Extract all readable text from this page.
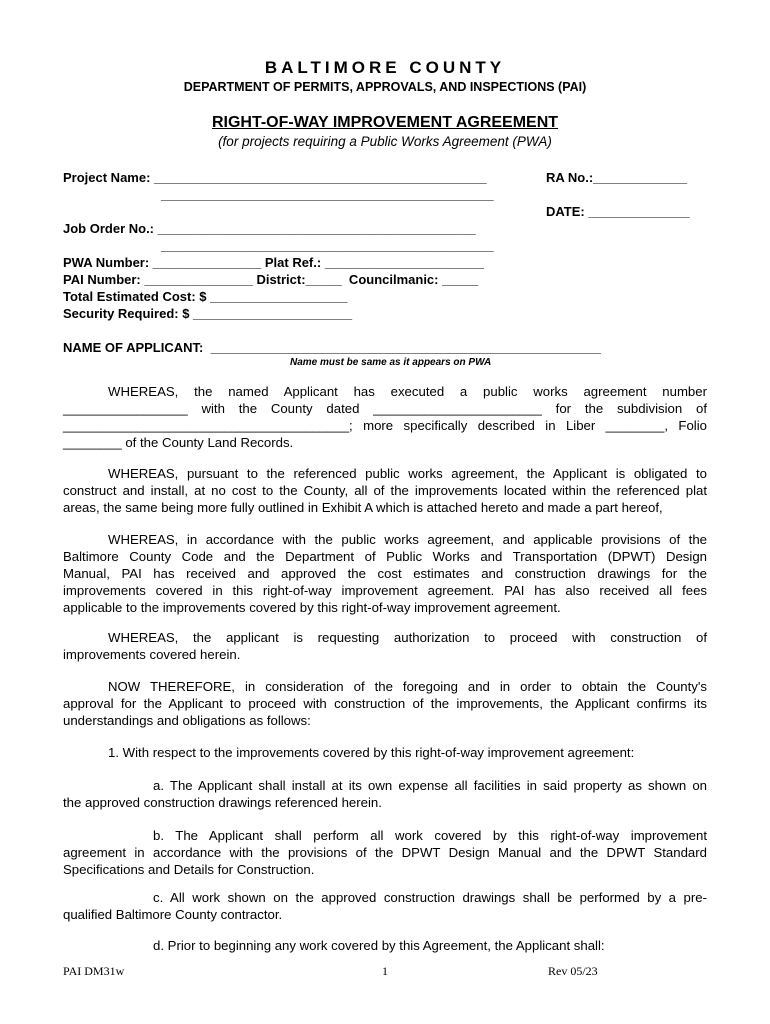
BALTIMORE COUNTY
DEPARTMENT OF PERMITS, APPROVALS, AND INSPECTIONS (PAI)
RIGHT-OF-WAY IMPROVEMENT AGREEMENT
(for projects requiring a Public Works Agreement (PWA)
Project Name: ______________________________________________	RA No.:_____________
______________________________________________
DATE: ______________
Job Order No.: ____________________________________________
______________________________________________
PWA Number: _______________ Plat Ref.: ______________________
PAI Number: _______________ District:_____  Councilmanic: _____
Total Estimated Cost: $ ___________________
Security Required: $ ______________________
NAME OF APPLICANT:  ______________________________________________________
Name must be same as it appears on PWA
WHEREAS, the named Applicant has executed a public works agreement number
_________________ with the County dated _______________________ for the subdivision of
_______________________________________; more specifically described in Liber ________, Folio
________ of the County Land Records.
WHEREAS, pursuant to the referenced public works agreement, the Applicant is obligated to
construct and install, at no cost to the County, all of the improvements located within the referenced plat
areas, the same being more fully outlined in Exhibit A which is attached hereto and made a part hereof,
WHEREAS, in accordance with the public works agreement, and applicable provisions of the
Baltimore County Code and the Department of Public Works and Transportation (DPWT) Design
Manual, PAI has received and approved the cost estimates and construction drawings for the
improvements covered in this right-of-way improvement agreement. PAI has also received all fees
applicable to the improvements covered by this right-of-way improvement agreement.
WHEREAS, the applicant is requesting authorization to proceed with construction of
improvements covered herein.
NOW THEREFORE, in consideration of the foregoing and in order to obtain the County's
approval for the Applicant to proceed with construction of the improvements, the Applicant confirms its
understandings and obligations as follows:
1. With respect to the improvements covered by this right-of-way improvement agreement:
a. The Applicant shall install at its own expense all facilities in said property as shown on
the approved construction drawings referenced herein.
b. The Applicant shall perform all work covered by this right-of-way improvement
agreement in accordance with the provisions of the DPWT Design Manual and the DPWT Standard
Specifications and Details for Construction.
c. All work shown on the approved construction drawings shall be performed by a pre-
qualified Baltimore County contractor.
d. Prior to beginning any work covered by this Agreement, the Applicant shall:
PAI DM31w	1	Rev 05/23
